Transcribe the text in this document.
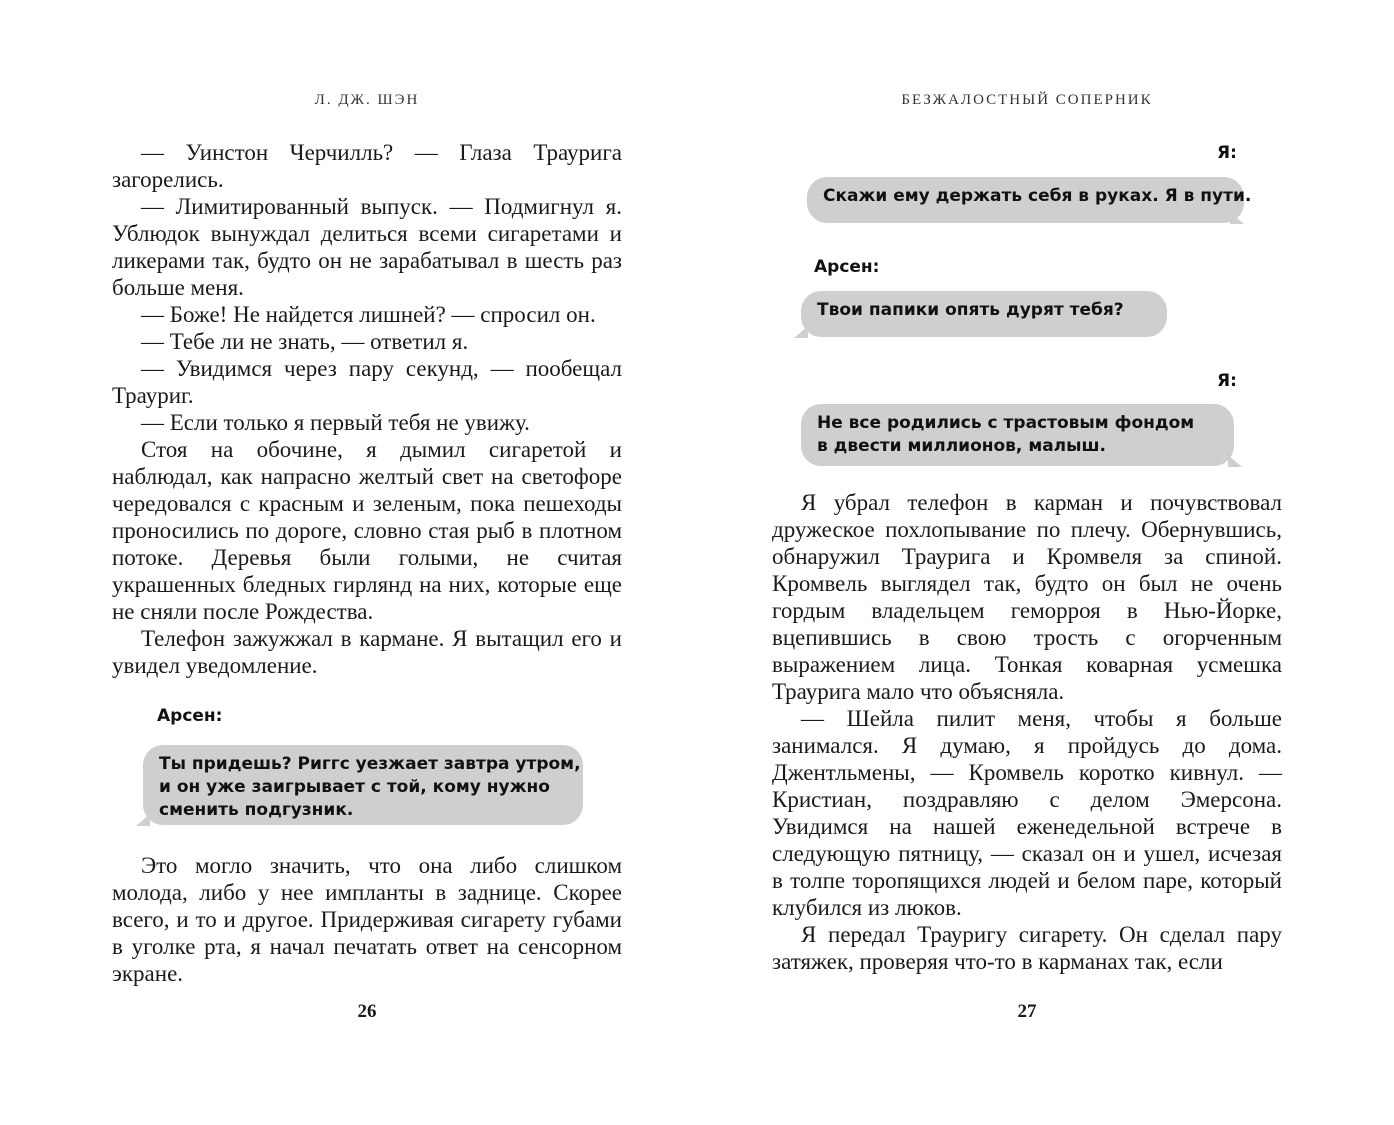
Л. ДЖ. ШЭН

— Уинстон Черчилль? — Глаза Траурига загорелись.

— Лимитированный выпуск. — Подмигнул я. Ублюдок вынуждал делиться всеми сигаретами и ликерами так, будто он не зарабатывал в шесть раз больше меня.

— Боже! Не найдется лишней? — спросил он.

— Тебе ли не знать, — ответил я.

— Увидимся через пару секунд, — пообещал Трауриг.

— Если только я первый тебя не увижу.

Стоя на обочине, я дымил сигаретой и наблюдал, как напрасно желтый свет на светофоре чередовался с красным и зеленым, пока пешеходы проносились по дороге, словно стая рыб в плотном потоке. Деревья были голыми, не считая украшенных бледных гирлянд на них, которые еще не сняли после Рождества.

Телефон зажужжал в кармане. Я вытащил его и увидел уведомление.

Арсен:
Ты придешь? Риггс уезжает завтра утром,
и он уже заигрывает с той, кому нужно
сменить подгузник.

Это могло значить, что она либо слишком молода, либо у нее импланты в заднице. Скорее всего, и то и другое. Придерживая сигарету губами в уголке рта, я начал печатать ответ на сенсорном экране.

26
БЕЗЖАЛОСТНЫЙ СОПЕРНИК
Я:
Скажи ему держать себя в руках. Я в пути.
Арсен:
Твои папики опять дурят тебя?
Я:
Не все родились с трастовым фондом
в двести миллионов, малыш.

Я убрал телефон в карман и почувствовал дружеское похлопывание по плечу. Обернувшись, обнаружил Траурига и Кромвеля за спиной. Кромвель выглядел так, будто он был не очень гордым владельцем геморроя в Нью-Йорке, вцепившись в свою трость с огорченным выражением лица. Тонкая коварная усмешка Траурига мало что объясняла.

— Шейла пилит меня, чтобы я больше занимался. Я думаю, я пройдусь до дома. Джентльмены, — Кромвель коротко кивнул. — Кристиан, поздравляю с делом Эмерсона. Увидимся на нашей еженедельной встрече в следующую пятницу, — сказал он и ушел, исчезая в толпе торопящихся людей и белом паре, который клубился из люков.

Я передал Трауригу сигарету. Он сделал пару затяжек, проверяя что-то в карманах так, если

27
